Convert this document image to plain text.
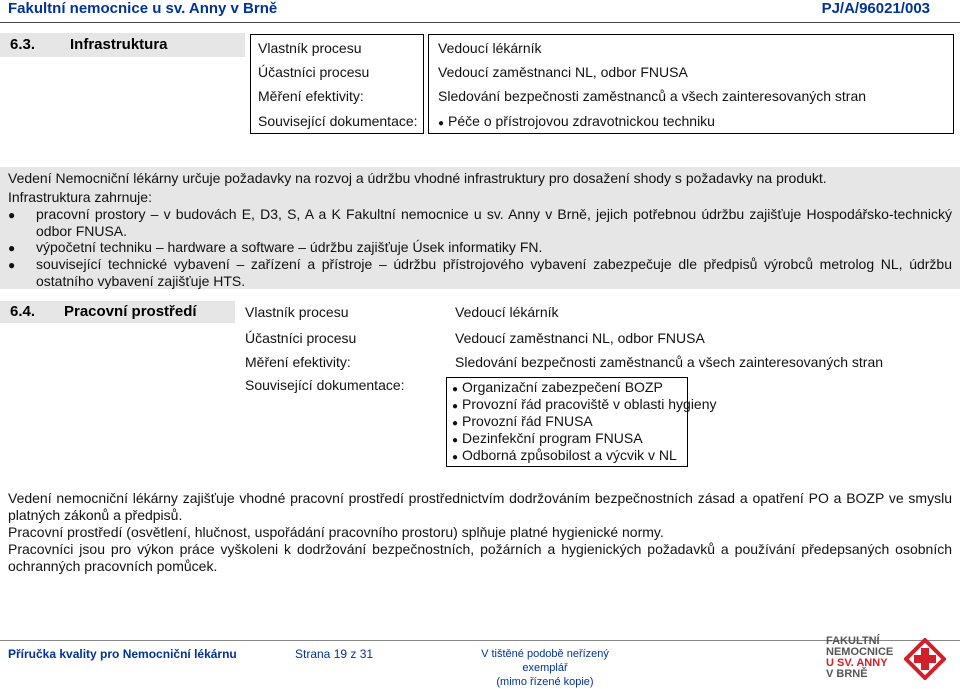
Fakultní nemocnice u sv. Anny v Brně	PJ/A/96021/003
6.3. Infrastruktura	Vlastník procesu	Vedoucí lékárník
Účastníci procesu	Vedoucí zaměstnanci NL, odbor FNUSA
Měření efektivity:	Sledování bezpečnosti zaměstnanců a všech zainteresovaných stran
Související dokumentace: ● Péče o přístrojovou zdravotnickou techniku
Vedení Nemocniční lékárny určuje požadavky na rozvoj a údržbu vhodné infrastruktury pro dosažení shody s požadavky na produkt.
Infrastruktura zahrnuje:
● pracovní prostory – v budovách E, D3, S, A a K Fakultní nemocnice u sv. Anny v Brně, jejich potřebnou údržbu zajišťuje Hospodářsko-technický odbor FNUSA.
● výpočetní techniku – hardware a software – údržbu zajišťuje Úsek informatiky FN.
● související technické vybavení – zařízení a přístroje – údržbu přístrojového vybavení zabezpečuje dle předpisů výrobců metrolog NL, údržbu ostatního vybavení zajišťuje HTS.
6.4. Pracovní prostředí	Vlastník procesu	Vedoucí lékárník
Účastníci procesu	Vedoucí zaměstnanci NL, odbor FNUSA
Měření efektivity:	Sledování bezpečnosti zaměstnanců a všech zainteresovaných stran
Související dokumentace:	● Organizační zabezpečení BOZP
● Provozní řád pracoviště v oblasti hygieny
● Provozní řád FNUSA
● Dezinfekční program FNUSA
● Odborná způsobilost a výcvik v NL
Vedení nemocniční lékárny zajišťuje vhodné pracovní prostředí prostřednictvím dodržováním bezpečnostních zásad a opatření PO a BOZP ve smyslu platných zákonů a předpisů.
Pracovní prostředí (osvětlení, hlučnost, uspořádání pracovního prostoru) splňuje platné hygienické normy.
Pracovníci jsou pro výkon práce vyškoleni k dodržování bezpečnostních, požárních a hygienických požadavků a používání předepsaných osobních ochranných pracovních pomůcek.
Příručka kvality pro Nemocniční lékárnu	Strana 19 z 31	V tištěné podobě neřízený exemplář
(mimo řízené kopie)
FAKULTNÍ
NEMOCNICE
U SV. ANNY
V BRNĚ
